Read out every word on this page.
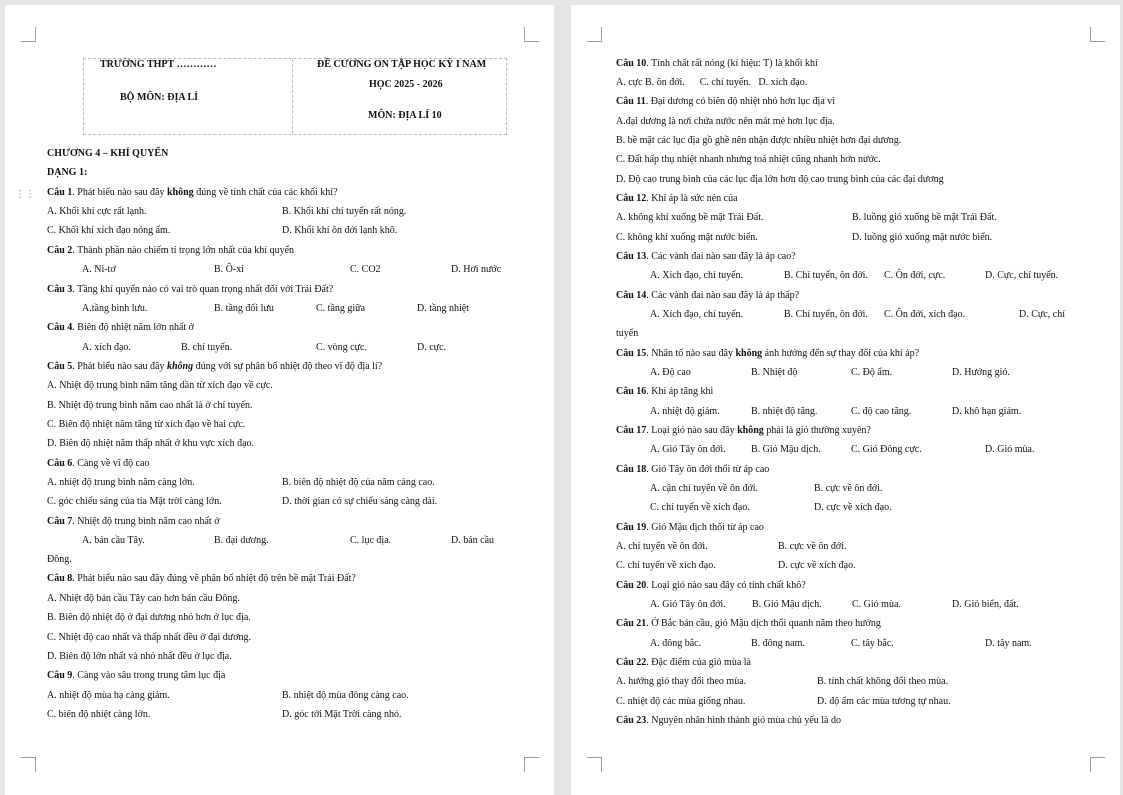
⋮⋮
TRƯỜNG THPT …………
BỘ MÔN: ĐỊA LÍ
ĐỀ CƯƠNG ON TẬP HỌC KỲ I NAM
HỌC 2025 - 2026
MÔN: ĐỊA LÍ 10
CHƯƠNG 4 – KHÍ QUYỂN
DẠNG 1:
Câu 1. Phát biểu nào sau đây không đúng về tính chất của các khối khí?
A. Khối khí cực rất lạnh.	B. Khối khí chí tuyến rất nóng.
C. Khối khí xích đạo nóng ẩm.	D. Khối khí ôn đới lạnh khô.
Câu 2. Thành phần nào chiếm tỉ trọng lớn nhất của khí quyển
A. Ni-tơ	B. Ô-xi	C. CO2	D. Hơi nước
Câu 3. Tầng khí quyển nào có vai trò quan trọng nhất đối với Trái Đất?
A.tầng bình lưu.	B. tầng đối lưu	C. tầng giữa	D. tầng nhiệt
Câu 4. Biên độ nhiệt năm lớn nhất ở
A. xích đạo.	B. chí tuyến.	C. vòng cực.	D. cực.
Câu 5. Phát biểu nào sau đây không đúng với sự phân bố nhiệt độ theo vĩ độ địa lí?
A. Nhiệt độ trung bình năm tăng dần từ xích đạo về cực.
B. Nhiệt độ trung bình năm cao nhất là ở chí tuyến.
C. Biên độ nhiệt năm tăng từ xích đạo về hai cực.
D. Biên độ nhiệt năm thấp nhất ở khu vực xích đạo.
Câu 6. Càng về vĩ độ cao
A. nhiệt độ trung bình năm càng lớn.	B. biên độ nhiệt độ của năm càng cao.
C. góc chiếu sáng của tia Mặt trời càng lớn.	D. thời gian có sự chiếu sáng càng dài.
Câu 7. Nhiệt độ trung bình năm cao nhất ở
A. bán cầu Tây.	B. đại dương.	C. lục địa.	D. bán cầu
Đông.
Câu 8. Phát biểu nào sau đây đúng về phân bố nhiệt độ trên bề mặt Trái Đất?
A. Nhiệt độ bán cầu Tây cao hơn bán cầu Đông.
B. Biên độ nhiệt độ ở đại dương nhỏ hơn ở lục địa.
C. Nhiệt độ cao nhất và thấp nhất đều ở đại dương.
D. Biên độ lớn nhất và nhỏ nhất đều ở lục địa.
Câu 9. Càng vào sâu trong trung tâm lục địa
A. nhiệt độ mùa hạ càng giảm.	B. nhiệt độ mùa đông càng cao.
C. biên độ nhiệt càng lớn.	D. góc tới Mặt Trời càng nhỏ.
Câu 10. Tính chất rất nóng (kí hiệu: T) là khối khí
A. cực B. ôn đới.      C. chí tuyến.   D. xích đạo.
Câu 11. Đại dương có biên độ nhiệt nhỏ hơn lục địa vì
A.đại dương là nơi chứa nước nên mát mẻ hơn lục địa.
B. bề mặt các lục địa gồ ghề nên nhận được nhiều nhiệt hơn đại dương.
C. Đất hấp thụ nhiệt nhanh nhưng toả nhiệt cũng nhanh hơn nước.
D. Độ cao trung bình của các lục địa lớn hơn độ cao trung bình của các đại dương
Câu 12. Khí áp là sức nén của
A. không khí xuống bề mặt Trái Đất.	B. luồng gió xuống bề mặt Trái Đất.
C. không khí xuống mặt nước biển.	D. luồng gió xuống mặt nước biển.
Câu 13. Các vành đai nào sau đây là áp cao?
A. Xích đạo, chí tuyến.	B. Chí tuyến, ôn đới. C. Ôn đới, cực.	D. Cực, chí tuyến.
Câu 14. Các vành đai nào sau đây là áp thấp?
A. Xích đạo, chí tuyến.	B. Chí tuyến, ôn đới. C. Ôn đới, xích đạo.	D. Cực, chí
tuyến
Câu 15. Nhân tố nào sau đây không ảnh hưởng đến sự thay đổi của khí áp?
A. Độ cao	B. Nhiệt độ	C. Độ ẩm.	D. Hướng gió.
Câu 16. Khí áp tăng khi
A. nhiệt độ giảm.	B. nhiệt độ tăng.	C. độ cao tăng.	D. khô hạn giảm.
Câu 17. Loại gió nào sau đây không phải là gió thường xuyên?
A. Gió Tây ôn đới.	B. Gió Mậu dịch.	C. Gió Đông cực.	D. Gió mùa.
Câu 18. Gió Tây ôn đới thổi từ áp cao
A. cận chí tuyến về ôn đới.	B. cực về ôn đới.
C. chí tuyến về xích đạo.	D. cực về xích đạo.
Câu 19. Gió Mậu dịch thổi từ áp cao
A. chí tuyến về ôn đới.	B. cực về ôn đới.
C. chí tuyến về xích đạo.	D. cực về xích đạo.
Câu 20. Loại gió nào sau đây có tính chất khô?
A. Gió Tây ôn đới.	B. Gió Mậu dịch.	C. Gió mùa.	D. Gió biển, đất.
Câu 21. Ở Bắc bán cầu, gió Mậu dịch thổi quanh năm theo hướng
A. đông bắc.	B. đông nam.	C. tây bắc.	D. tây nam.
Câu 22. Đặc điểm của gió mùa là
A. hướng gió thay đổi theo mùa.	B. tính chất không đổi theo mùa.
C. nhiệt độ các mùa giống nhau.	D. độ ẩm các mùa tương tự nhau.
Câu 23. Nguyên nhân hình thành gió mùa chủ yếu là do
